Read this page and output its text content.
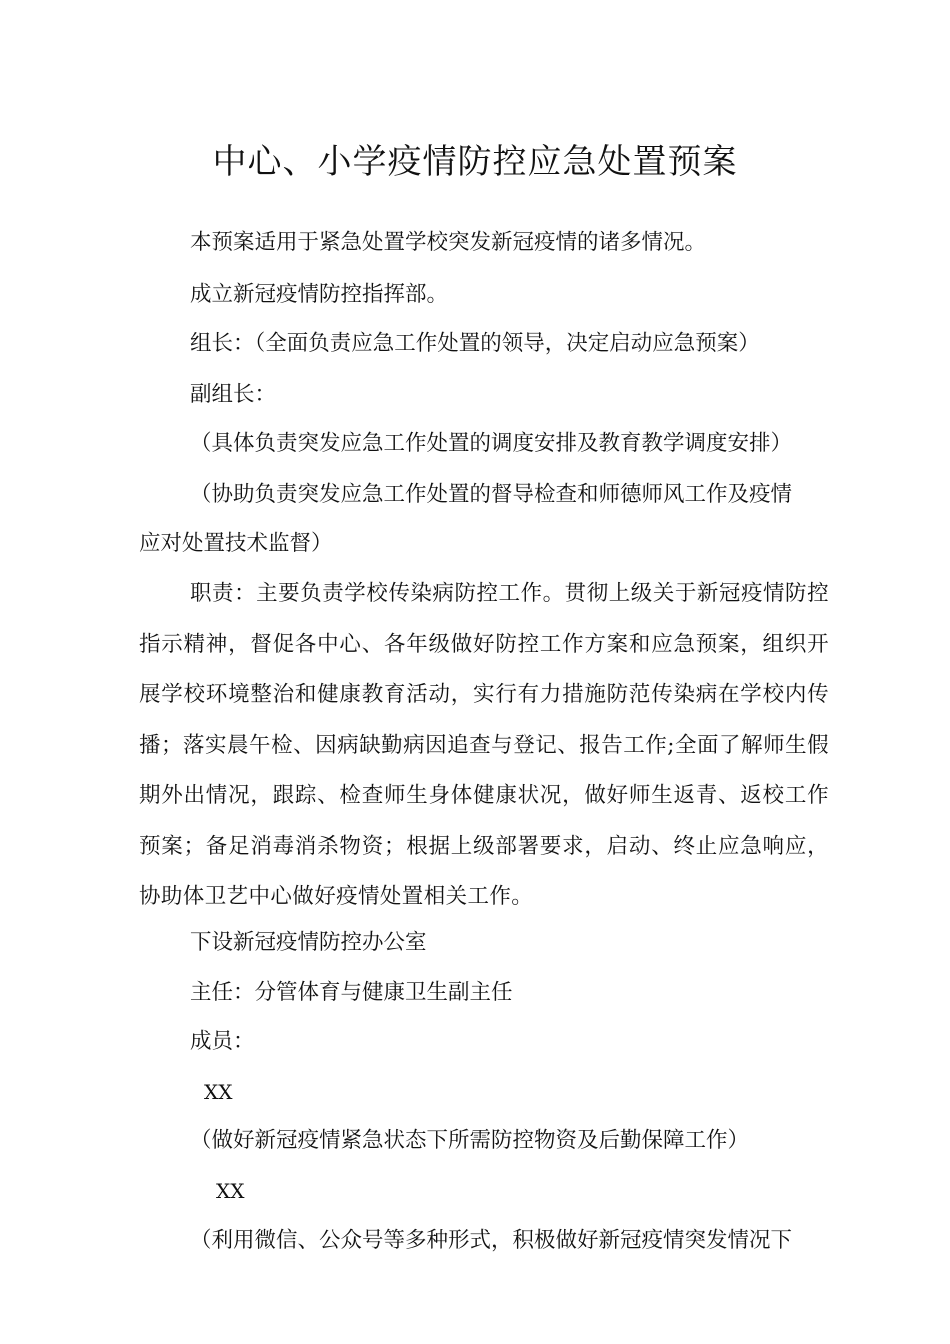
中心、小学疫情防控应急处置预案

本预案适用于紧急处置学校突发新冠疫情的诸多情况。

成立新冠疫情防控指挥部。

组长：（全面负责应急工作处置的领导，决定启动应急预案）

副组长：

（具体负责突发应急工作处置的调度安排及教育教学调度安排）

（协助负责突发应急工作处置的督导检查和师德师风工作及疫情

应对处置技术监督）

职责：主要负责学校传染病防控工作。贯彻上级关于新冠疫情防控指示精神，督促各中心、各年级做好防控工作方案和应急预案，组织开展学校环境整治和健康教育活动，实行有力措施防范传染病在学校内传播；落实晨午检、因病缺勤病因追查与登记、报告工作;全面了解师生假期外出情况，跟踪、检查师生身体健康状况，做好师生返青、返校工作预案；备足消毒消杀物资；根据上级部署要求，启动、终止应急响应，协助体卫艺中心做好疫情处置相关工作。

下设新冠疫情防控办公室

主任：分管体育与健康卫生副主任

成员：

XX

（做好新冠疫情紧急状态下所需防控物资及后勤保障工作）

XX

（利用微信、公众号等多种形式，积极做好新冠疫情突发情况下
